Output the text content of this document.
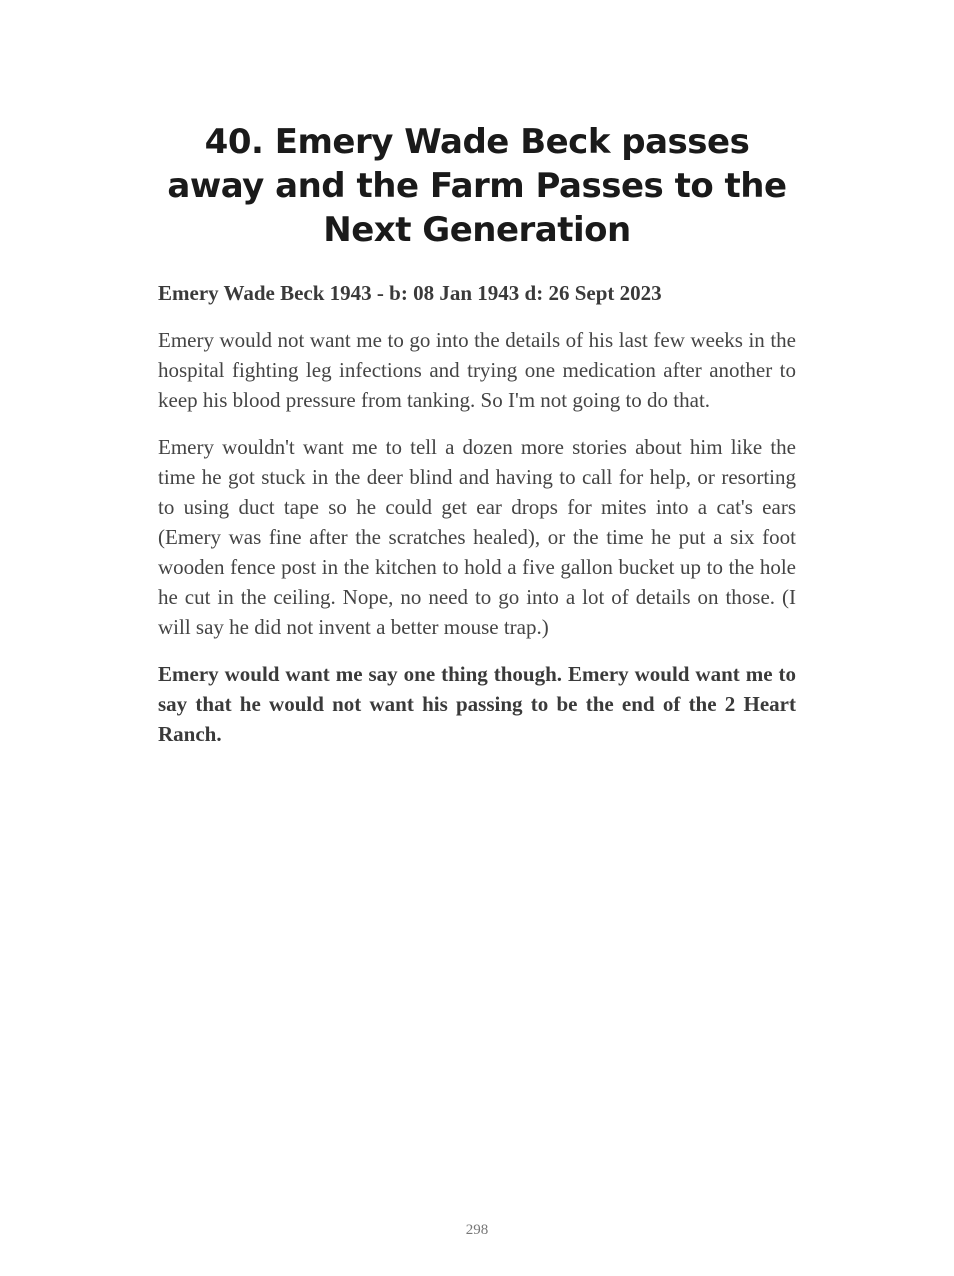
40. Emery Wade Beck passes away and the Farm Passes to the Next Generation

Emery Wade Beck 1943 - b: 08 Jan 1943 d: 26 Sept 2023

Emery would not want me to go into the details of his last few weeks in the hospital fighting leg infections and trying one medication after another to keep his blood pressure from tanking. So I'm not going to do that.

Emery wouldn't want me to tell a dozen more stories about him like the time he got stuck in the deer blind and having to call for help, or resorting to using duct tape so he could get ear drops for mites into a cat's ears (Emery was fine after the scratches healed), or the time he put a six foot wooden fence post in the kitchen to hold a five gallon bucket up to the hole he cut in the ceiling. Nope, no need to go into a lot of details on those. (I will say he did not invent a better mouse trap.)

Emery would want me say one thing though. Emery would want me to say that he would not want his passing to be the end of the 2 Heart Ranch.

298
